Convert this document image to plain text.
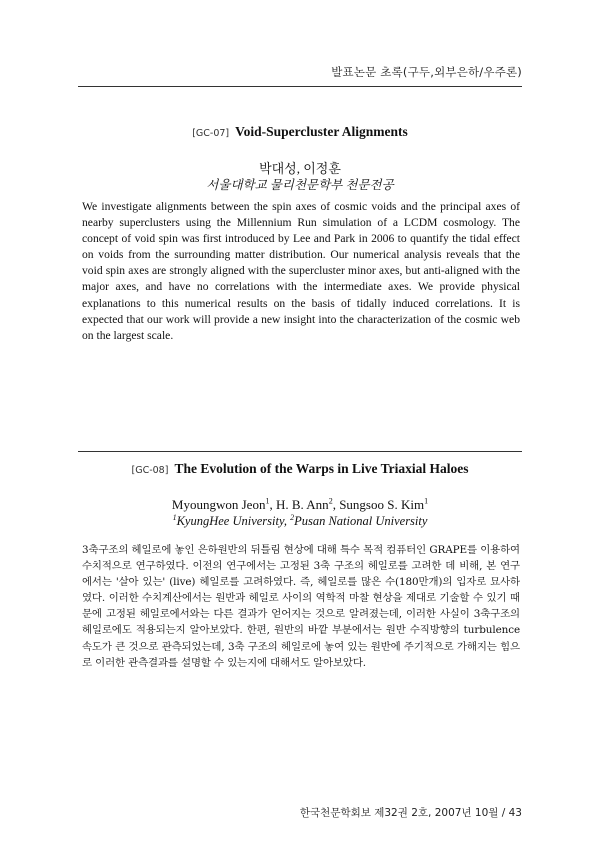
발표논문 초록(구두,외부은하/우주론)
[GC-07] Void-Supercluster Alignments
박대성, 이정훈
서울대학교 물리천문학부 천문전공

We investigate alignments between the spin axes of cosmic voids and the principal axes of nearby superclusters using the Millennium Run simulation of a LCDM cosmology. The concept of void spin was first introduced by Lee and Park in 2006 to quantify the tidal effect on voids from the surrounding matter distribution. Our numerical analysis reveals that the void spin axes are strongly aligned with the supercluster minor axes, but anti-aligned with the major axes, and have no correlations with the intermediate axes. We provide physical explanations to this numerical results on the basis of tidally induced correlations. It is expected that our work will provide a new insight into the characterization of the cosmic web on the largest scale.

[GC-08] The Evolution of the Warps in Live Triaxial Haloes
Myoungwon Jeon$^1$, H. B. Ann$^2$, Sungsoo S. Kim$^1$
$^1$KyungHee University, $^2$Pusan National University

3축구조의 헤일로에 놓인 은하원반의 뒤틀림 현상에 대해 특수 목적 컴퓨터인 GRAPE를 이용하여 수치적으로 연구하였다. 이전의 연구에서는 고정된 3축 구조의 헤일로를 고려한 데 비해, 본 연구에서는 '살아 있는' (live) 헤일로를 고려하였다. 즉, 헤일로를 많은 수(180만개)의 입자로 묘사하였다. 이러한 수치계산에서는 원반과 헤일로 사이의 역학적 마찰 현상을 제대로 기술할 수 있기 때문에 고정된 헤일로에서와는 다른 결과가 얻어지는 것으로 알려졌는데, 이러한 사실이 3축구조의 헤일로에도 적용되는지 알아보았다. 한편, 원반의 바깥 부분에서는 원반 수직방향의 turbulence 속도가 큰 것으로 관측되었는데, 3축 구조의 헤일로에 놓여 있는 원반에 주기적으로 가해지는 힘으로 이러한 관측결과를 설명할 수 있는지에 대해서도 알아보았다.

한국천문학회보 제32권 2호, 2007년 10월 / 43
